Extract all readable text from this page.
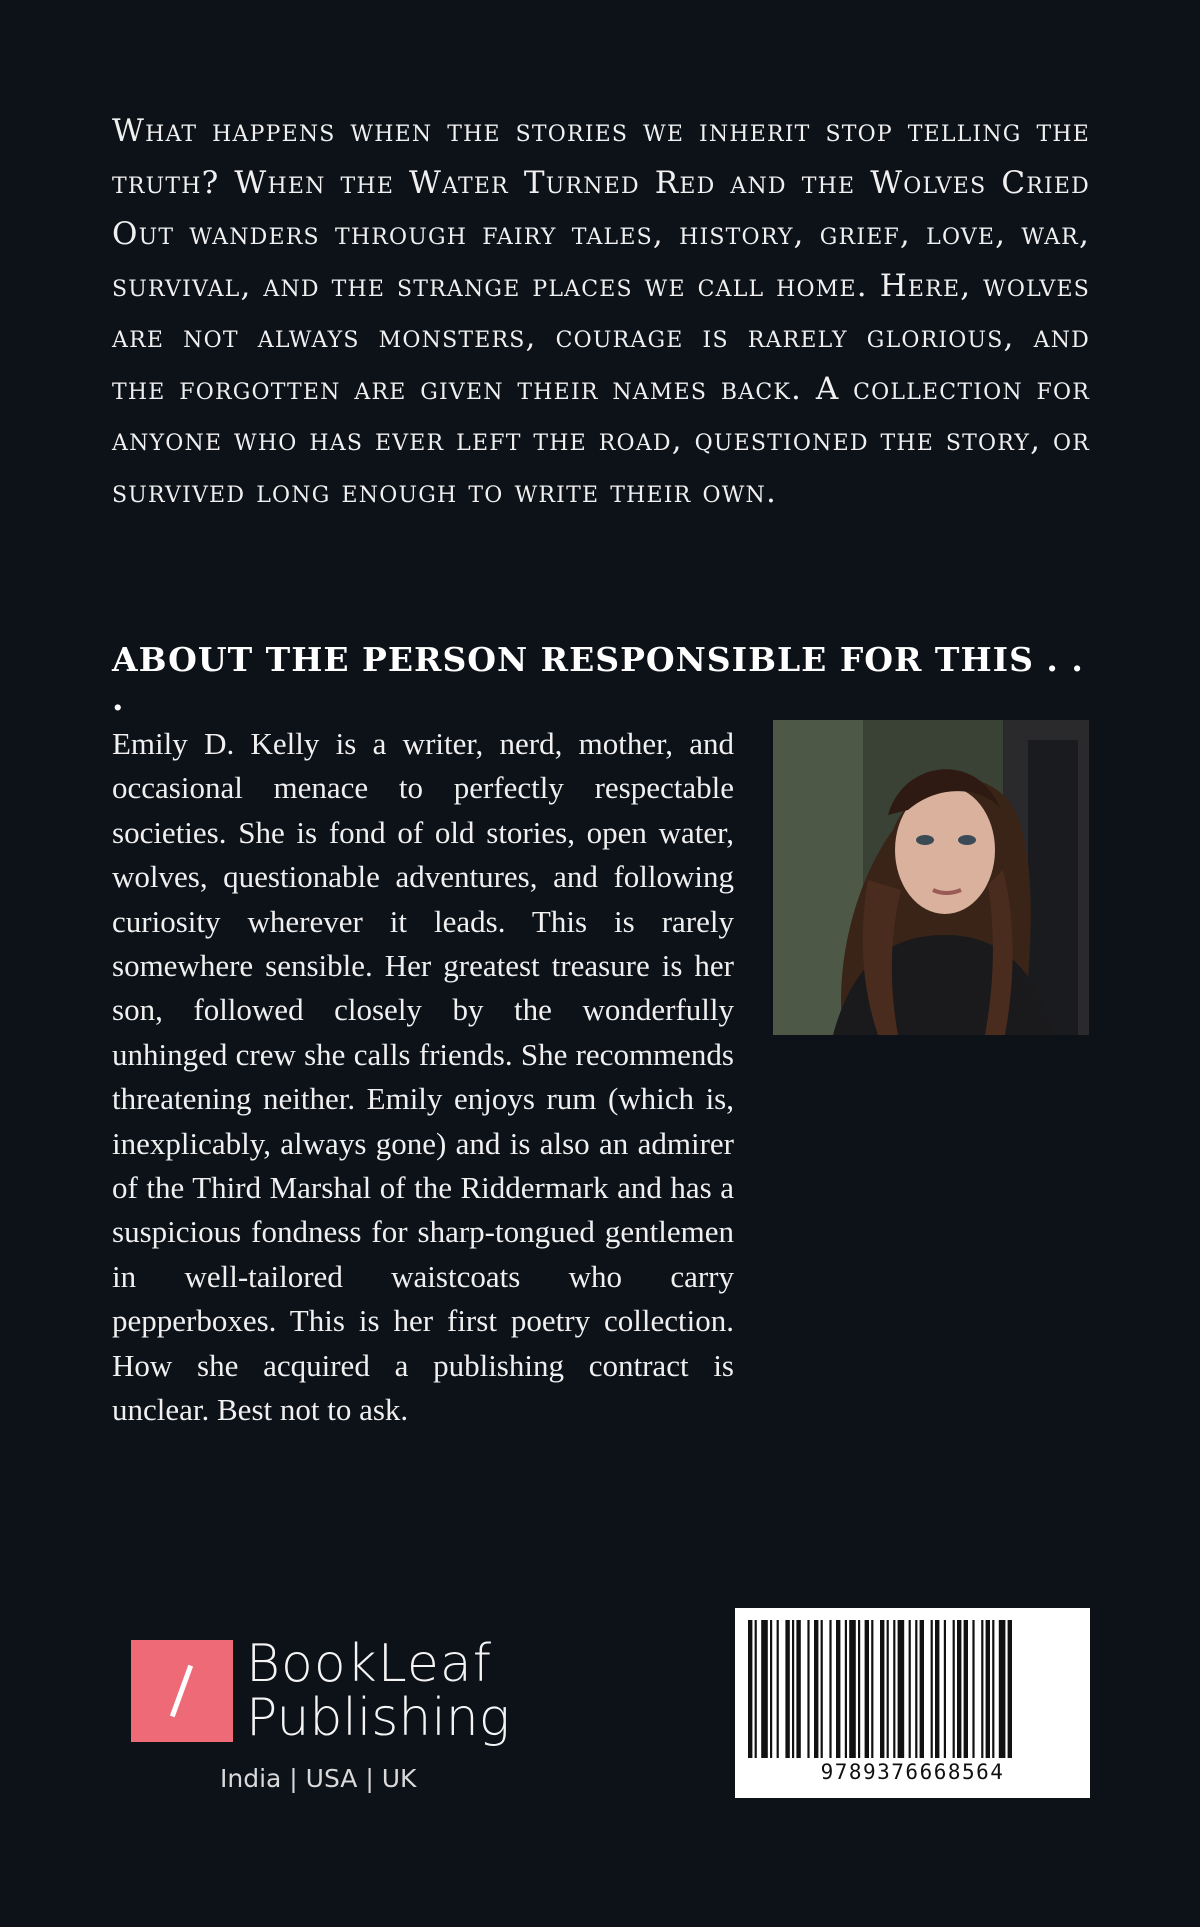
What happens when the stories we inherit stop telling the truth? When the Water Turned Red and the Wolves Cried Out wanders through fairy tales, history, grief, love, war, survival, and the strange places we call home. Here, wolves are not always monsters, courage is rarely glorious, and the forgotten are given their names back. A collection for anyone who has ever left the road, questioned the story, or survived long enough to write their own.

ABOUT THE PERSON RESPONSIBLE FOR THIS . . .

Emily D. Kelly is a writer, nerd, mother, and occasional menace to perfectly respectable societies. She is fond of old stories, open water, wolves, questionable adventures, and following curiosity wherever it leads. This is rarely somewhere sensible. Her greatest treasure is her son, followed closely by the wonderfully unhinged crew she calls friends. She recommends threatening neither. Emily enjoys rum (which is, inexplicably, always gone) and is also an admirer of the Third Marshal of the Riddermark and has a suspicious fondness for sharp-tongued gentlemen in well-tailored waistcoats who carry pepperboxes. This is her first poetry collection. How she acquired a publishing contract is unclear. Best not to ask.

BookLeaf
Publishing
India | USA | UK	9789376668564
